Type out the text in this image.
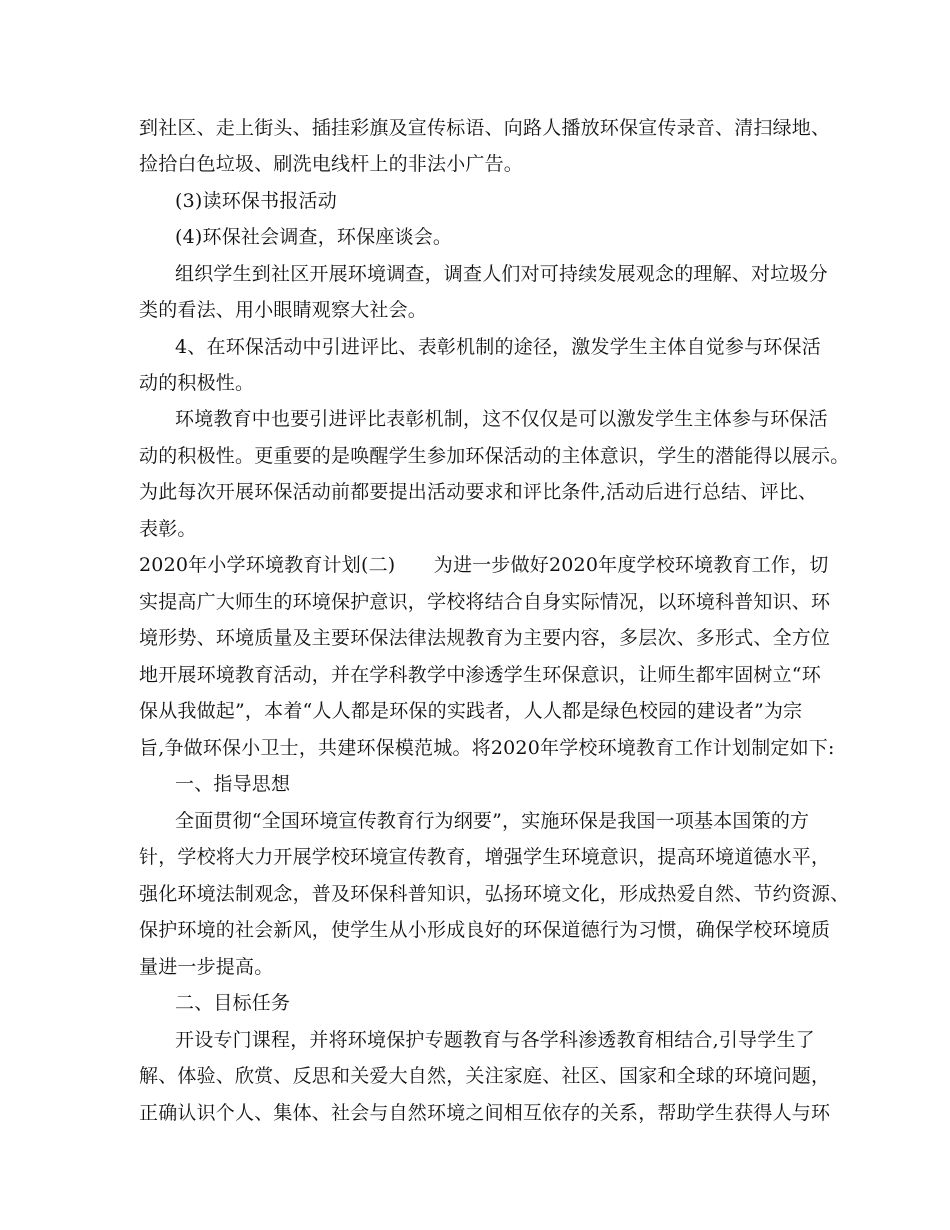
到社区、走上街头、插挂彩旗及宣传标语、向路人播放环保宣传录音、清扫绿地、
捡拾白色垃圾、刷洗电线杆上的非法小广告。
(3)读环保书报活动
(4)环保社会调查，环保座谈会。
组织学生到社区开展环境调查，调查人们对可持续发展观念的理解、对垃圾分
类的看法、用小眼睛观察大社会。
4、在环保活动中引进评比、表彰机制的途径，激发学生主体自觉参与环保活
动的积极性。
环境教育中也要引进评比表彰机制，这不仅仅是可以激发学生主体参与环保活
动的积极性。更重要的是唤醒学生参加环保活动的主体意识，学生的潜能得以展示。
为此每次开展环保活动前都要提出活动要求和评比条件,活动后进行总结、评比、
表彰。
2020年小学环境教育计划(二)　　为进一步做好2020年度学校环境教育工作，切
实提高广大师生的环境保护意识，学校将结合自身实际情况，以环境科普知识、环
境形势、环境质量及主要环保法律法规教育为主要内容，多层次、多形式、全方位
地开展环境教育活动，并在学科教学中渗透学生环保意识，让师生都牢固树立“环
保从我做起”，本着“人人都是环保的实践者，人人都是绿色校园的建设者”为宗
旨,争做环保小卫士，共建环保模范城。将2020年学校环境教育工作计划制定如下:
一、指导思想
全面贯彻“全国环境宣传教育行为纲要”，实施环保是我国一项基本国策的方
针，学校将大力开展学校环境宣传教育，增强学生环境意识，提高环境道德水平，
强化环境法制观念，普及环保科普知识，弘扬环境文化，形成热爱自然、节约资源、
保护环境的社会新风，使学生从小形成良好的环保道德行为习惯，确保学校环境质
量进一步提高。
二、目标任务
开设专门课程，并将环境保护专题教育与各学科渗透教育相结合,引导学生了
解、体验、欣赏、反思和关爱大自然，关注家庭、社区、国家和全球的环境问题，
正确认识个人、集体、社会与自然环境之间相互依存的关系，帮助学生获得人与环
